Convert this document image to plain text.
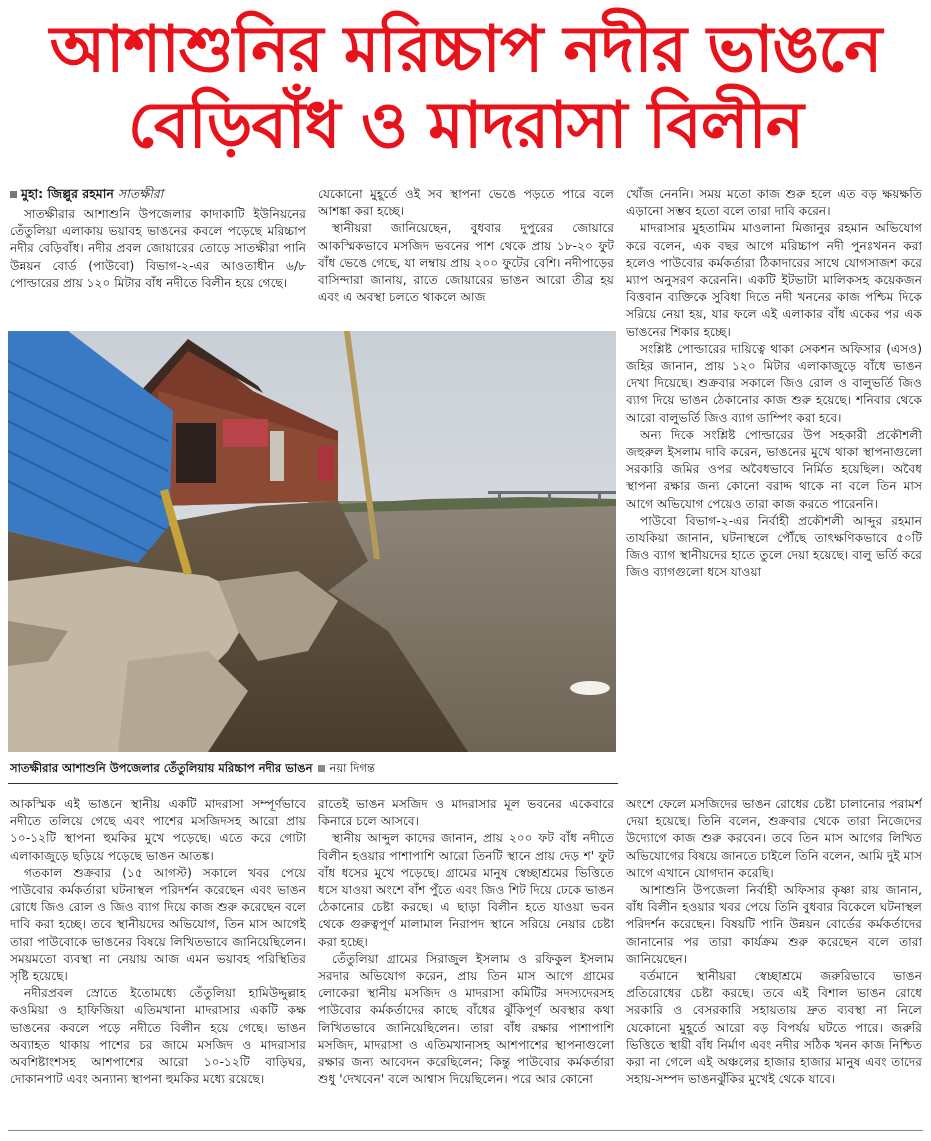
আশাশুনির মরিচ্চাপ নদীর ভাঙনে
বেড়িবাঁধ ও মাদরাসা বিলীন
মুহা: জিল্লুর রহমান সাতক্ষীরা

সাতক্ষীরার আশাশুনি উপজেলার কাদাকাটি ইউনিয়নের তেঁতুলিয়া এলাকায় ভয়াবহ ভাঙনের কবলে পড়েছে মরিচ্চাপ নদীর বেড়িবাঁধ। নদীর প্রবল জোয়ারের তোড়ে সাতক্ষীরা পানি উন্নয়ন বোর্ড (পাউবো) বিভাগ-২-এর আওতাধীন ৬/৮ পোল্ডারের প্রায় ১২০ মিটার বাঁধ নদীতে বিলীন হয়ে গেছে।

যেকোনো মুহূর্তে ওই সব স্থাপনা ভেঙে পড়তে পারে বলে আশঙ্কা করা হচ্ছে।

স্থানীয়রা জানিয়েছেন, বুধবার দুপুরের জোয়ারে আকস্মিকভাবে মসজিদ ভবনের পাশ থেকে প্রায় ১৮-২০ ফুট বাঁধ ভেঙে গেছে, যা লম্বায় প্রায় ২০০ ফুটের বেশি। নদীপাড়ের বাসিন্দারা জানায়, রাতে জোয়ারের ভাঙন আরো তীব্র হয় এবং এ অবস্থা চলতে থাকলে আজ

খোঁজ নেননি। সময় মতো কাজ শুরু হলে এত বড় ক্ষয়ক্ষতি এড়ানো সম্ভব হতো বলে তারা দাবি করেন।

মাদরাসার মুহতামিম মাওলানা মিজানুর রহমান অভিযোগ করে বলেন, এক বছর আগে মরিচ্চাপ নদী পুনঃখনন করা হলেও পাউবোর কর্মকর্তারা ঠিকাদারের সাথে যোগসাজশ করে ম্যাপ অনুসরণ করেননি। একটি ইটভাটা মালিকসহ কয়েকজন বিত্তবান ব্যক্তিকে সুবিধা দিতে নদী খননের কাজ পশ্চিম দিকে সরিয়ে নেয়া হয়, যার ফলে এই এলাকার বাঁধ একের পর এক ভাঙনের শিকার হচ্ছে।

সংশ্লিষ্ট পোল্ডারের দায়িত্বে থাকা সেকশন অফিসার (এসও) জহির জানান, প্রায় ১২০ মিটার এলাকাজুড়ে বাঁধে ভাঙন দেখা দিয়েছে। শুক্রবার সকালে জিও রোল ও বালুভর্তি জিও ব্যাগ দিয়ে ভাঙন ঠেকানোর কাজ শুরু হয়েছে। শনিবার থেকে আরো বালুভর্তি জিও ব্যাগ ডাম্পিং করা হবে।

অন্য দিকে সংশ্লিষ্ট পোল্ডারের উপ সহকারী প্রকৌশলী জহুরুল ইসলাম দাবি করেন, ভাঙনের মুখে থাকা স্থাপনাগুলো সরকারি জমির ওপর অবৈধভাবে নির্মিত হয়েছিল। অবৈধ স্থাপনা রক্ষার জন্য কোনো বরাদ্দ থাকে না বলে তিন মাস আগে অভিযোগ পেয়েও তারা কাজ করতে পারেননি।

পাউবো বিভাগ-২-এর নির্বাহী প্রকৌশলী আব্দুর রহমান তাযকিয়া জানান, ঘটনাস্থলে পৌঁছে তাৎক্ষণিকভাবে ৫০টি জিও ব্যাগ স্থানীয়দের হাতে তুলে দেয়া হয়েছে। বালু ভর্তি করে জিও ব্যাগগুলো ধসে যাওয়া

সাতক্ষীরার আশাশুনি উপজেলার তেঁতুলিয়ায় মরিচ্চাপ নদীর ভাঙন নয়া দিগন্ত

আকস্মিক এই ভাঙনে স্থানীয় একটি মাদরাসা সম্পূর্ণভাবে নদীতে তলিয়ে গেছে এবং পাশের মসজিদসহ আরো প্রায় ১০-১২টি স্থাপনা হুমকির মুখে পড়েছে। এতে করে গোটা এলাকাজুড়ে ছড়িয়ে পড়েছে ভাঙন আতঙ্ক।

গতকাল শুক্রবার (১৫ আগস্ট) সকালে খবর পেয়ে পাউবোর কর্মকর্তারা ঘটনাস্থল পরিদর্শন করেছেন এবং ভাঙন রোধে জিও রোল ও জিও ব্যাগ দিয়ে কাজ শুরু করেছেন বলে দাবি করা হচ্ছে। তবে স্থানীয়দের অভিযোগ, তিন মাস আগেই তারা পাউবোকে ভাঙনের বিষয়ে লিখিতভাবে জানিয়েছিলেন। সময়মতো ব্যবস্থা না নেয়ায় আজ এমন ভয়াবহ পরিস্থিতির সৃষ্টি হয়েছে।

নদীরপ্রবল স্রোতে ইতোমধ্যে তেঁতুলিয়া হামিউদ্দুল্লাহ কওমিয়া ও হাফিজিয়া এতিমখানা মাদরাসার একটি কক্ষ ভাঙনের কবলে পড়ে নদীতে বিলীন হয়ে গেছে। ভাঙন অব্যাহত থাকায় পাশের চর জামে মসজিদ ও মাদরাসার অবশিষ্টাংশসহ আশপাশের আরো ১০-১২টি বাড়িঘর, দোকানপাট এবং অন্যান্য স্থাপনা হুমকির মধ্যে রয়েছে।

রাতেই ভাঙন মসজিদ ও মাদরাসার মূল ভবনের একেবারে কিনারে চলে আসবে।

স্থানীয় আব্দুল কাদের জানান, প্রায় ২০০ ফট বাঁধ নদীতে বিলীন হওয়ার পাশাপাশি আরো তিনটি স্থানে প্রায় দেড় শ' ফুট বাঁধ ধসের মুখে পড়েছে। গ্রামের মানুষ স্বেচ্ছাশ্রমের ভিত্তিতে ধসে যাওয়া অংশে বাঁশ পুঁতে এবং জিও শিট দিয়ে ঢেকে ভাঙন ঠেকানোর চেষ্টা করছে। এ ছাড়া বিলীন হতে যাওয়া ভবন থেকে গুরুত্বপূর্ণ মালামাল নিরাপদ স্থানে সরিয়ে নেয়ার চেষ্টা করা হচ্ছে।

তেঁতুলিয়া গ্রামের সিরাজুল ইসলাম ও রফিকুল ইসলাম সরদার অভিযোগ করেন, প্রায় তিন মাস আগে গ্রামের লোকেরা স্থানীয় মসজিদ ও মাদরাসা কমিটির সদস্যদেরসহ পাউবোর কর্মকর্তাদের কাছে বাঁধের ঝুঁকিপূর্ণ অবস্থার কথা লিখিতভাবে জানিয়েছিলেন। তারা বাঁধ রক্ষার পাশাপাশি মসজিদ, মাদরাসা ও এতিমখানাসহ আশপাশের স্থাপনাগুলো রক্ষার জন্য আবেদন করেছিলেন; কিন্তু পাউবোর কর্মকর্তারা শুধু 'দেখবেন' বলে আশ্বাস দিয়েছিলেন। পরে আর কোনো

অংশে ফেলে মসজিদের ভাঙন রোধের চেষ্টা চালানোর পরামর্শ দেয়া হয়েছে। তিনি বলেন, শুক্রবার থেকে তারা নিজেদের উদ্যোগে কাজ শুরু করবেন। তবে তিন মাস আগের লিখিত অভিযোগের বিষয়ে জানতে চাইলে তিনি বলেন, আমি দুই মাস আগে এখানে যোগদান করেছি।

আশাশুনি উপজেলা নির্বাহী অফিসার কৃষ্ণা রায় জানান, বাঁধ বিলীন হওয়ার খবর পেয়ে তিনি বুধবার বিকেলে ঘটনাস্থল পরিদর্শন করেছেন। বিষয়টি পানি উন্নয়ন বোর্ডের কর্মকর্তাদের জানানোর পর তারা কার্যক্রম শুরু করেছেন বলে তারা জানিয়েছেন।

বর্তমানে স্থানীয়রা স্বেচ্ছাশ্রমে জরুরিভাবে ভাঙন প্রতিরোধের চেষ্টা করছে। তবে এই বিশাল ভাঙন রোধে সরকারি ও বেসরকারি সহায়তায় দ্রুত ব্যবস্থা না নিলে যেকোনো মুহূর্তে আরো বড় বিপর্যয় ঘটতে পারে। জরুরি ভিত্তিতে স্থায়ী বাঁধ নির্মাণ এবং নদীর সঠিক খনন কাজ নিশ্চিত করা না গেলে এই অঞ্চলের হাজার হাজার মানুষ এবং তাদের সহায়-সম্পদ ভাঙনঝুঁকির মুখেই থেকে যাবে।
